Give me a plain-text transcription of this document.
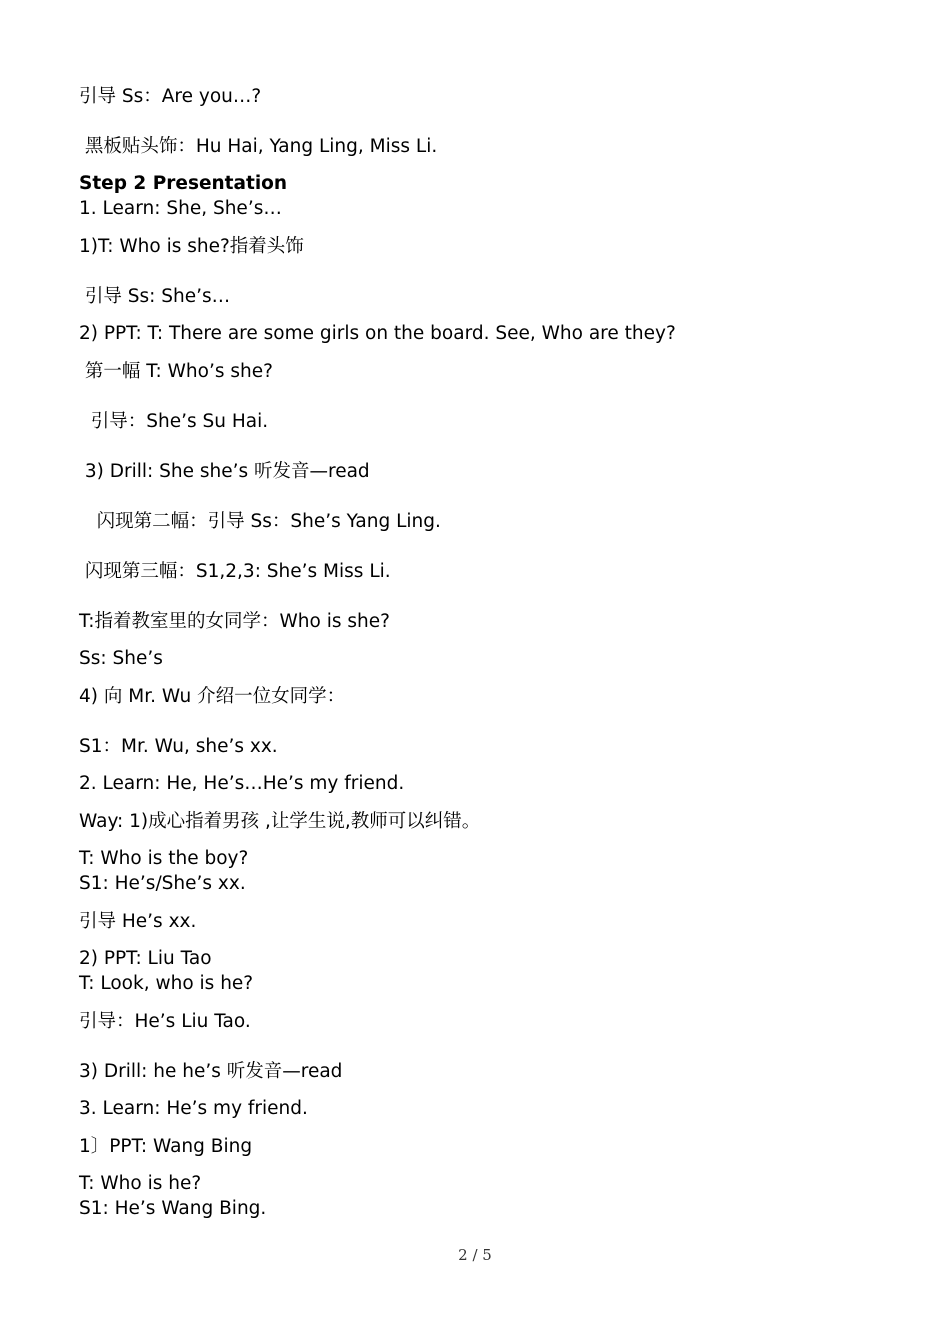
引导 Ss：Are you…?
黑板贴头饰：Hu Hai, Yang Ling, Miss Li.
Step 2 Presentation
1. Learn: She, She’s…
1)T: Who is she?指着头饰
引导 Ss: She’s…
2) PPT: T: There are some girls on the board. See, Who are they?
第一幅 T: Who’s she?
引导：She’s Su Hai.
3) Drill: She she’s 听发音—read
闪现第二幅：引导 Ss：She’s Yang Ling.
闪现第三幅：S1,2,3: She’s Miss Li.
T:指着教室里的女同学：Who is she?
Ss: She’s
4) 向 Mr. Wu 介绍一位女同学：
S1：Mr. Wu, she’s xx.
2. Learn: He, He’s…He’s my friend.
Way: 1)成心指着男孩 ,让学生说,教师可以纠错。
T: Who is the boy?
S1: He’s/She’s xx.
引导 He’s xx.
2) PPT: Liu Tao
T: Look, who is he?
引导：He’s Liu Tao.
3) Drill: he he’s 听发音—read
3. Learn: He’s my friend.
1〕PPT: Wang Bing
T: Who is he?
S1: He’s Wang Bing.
2 / 5
